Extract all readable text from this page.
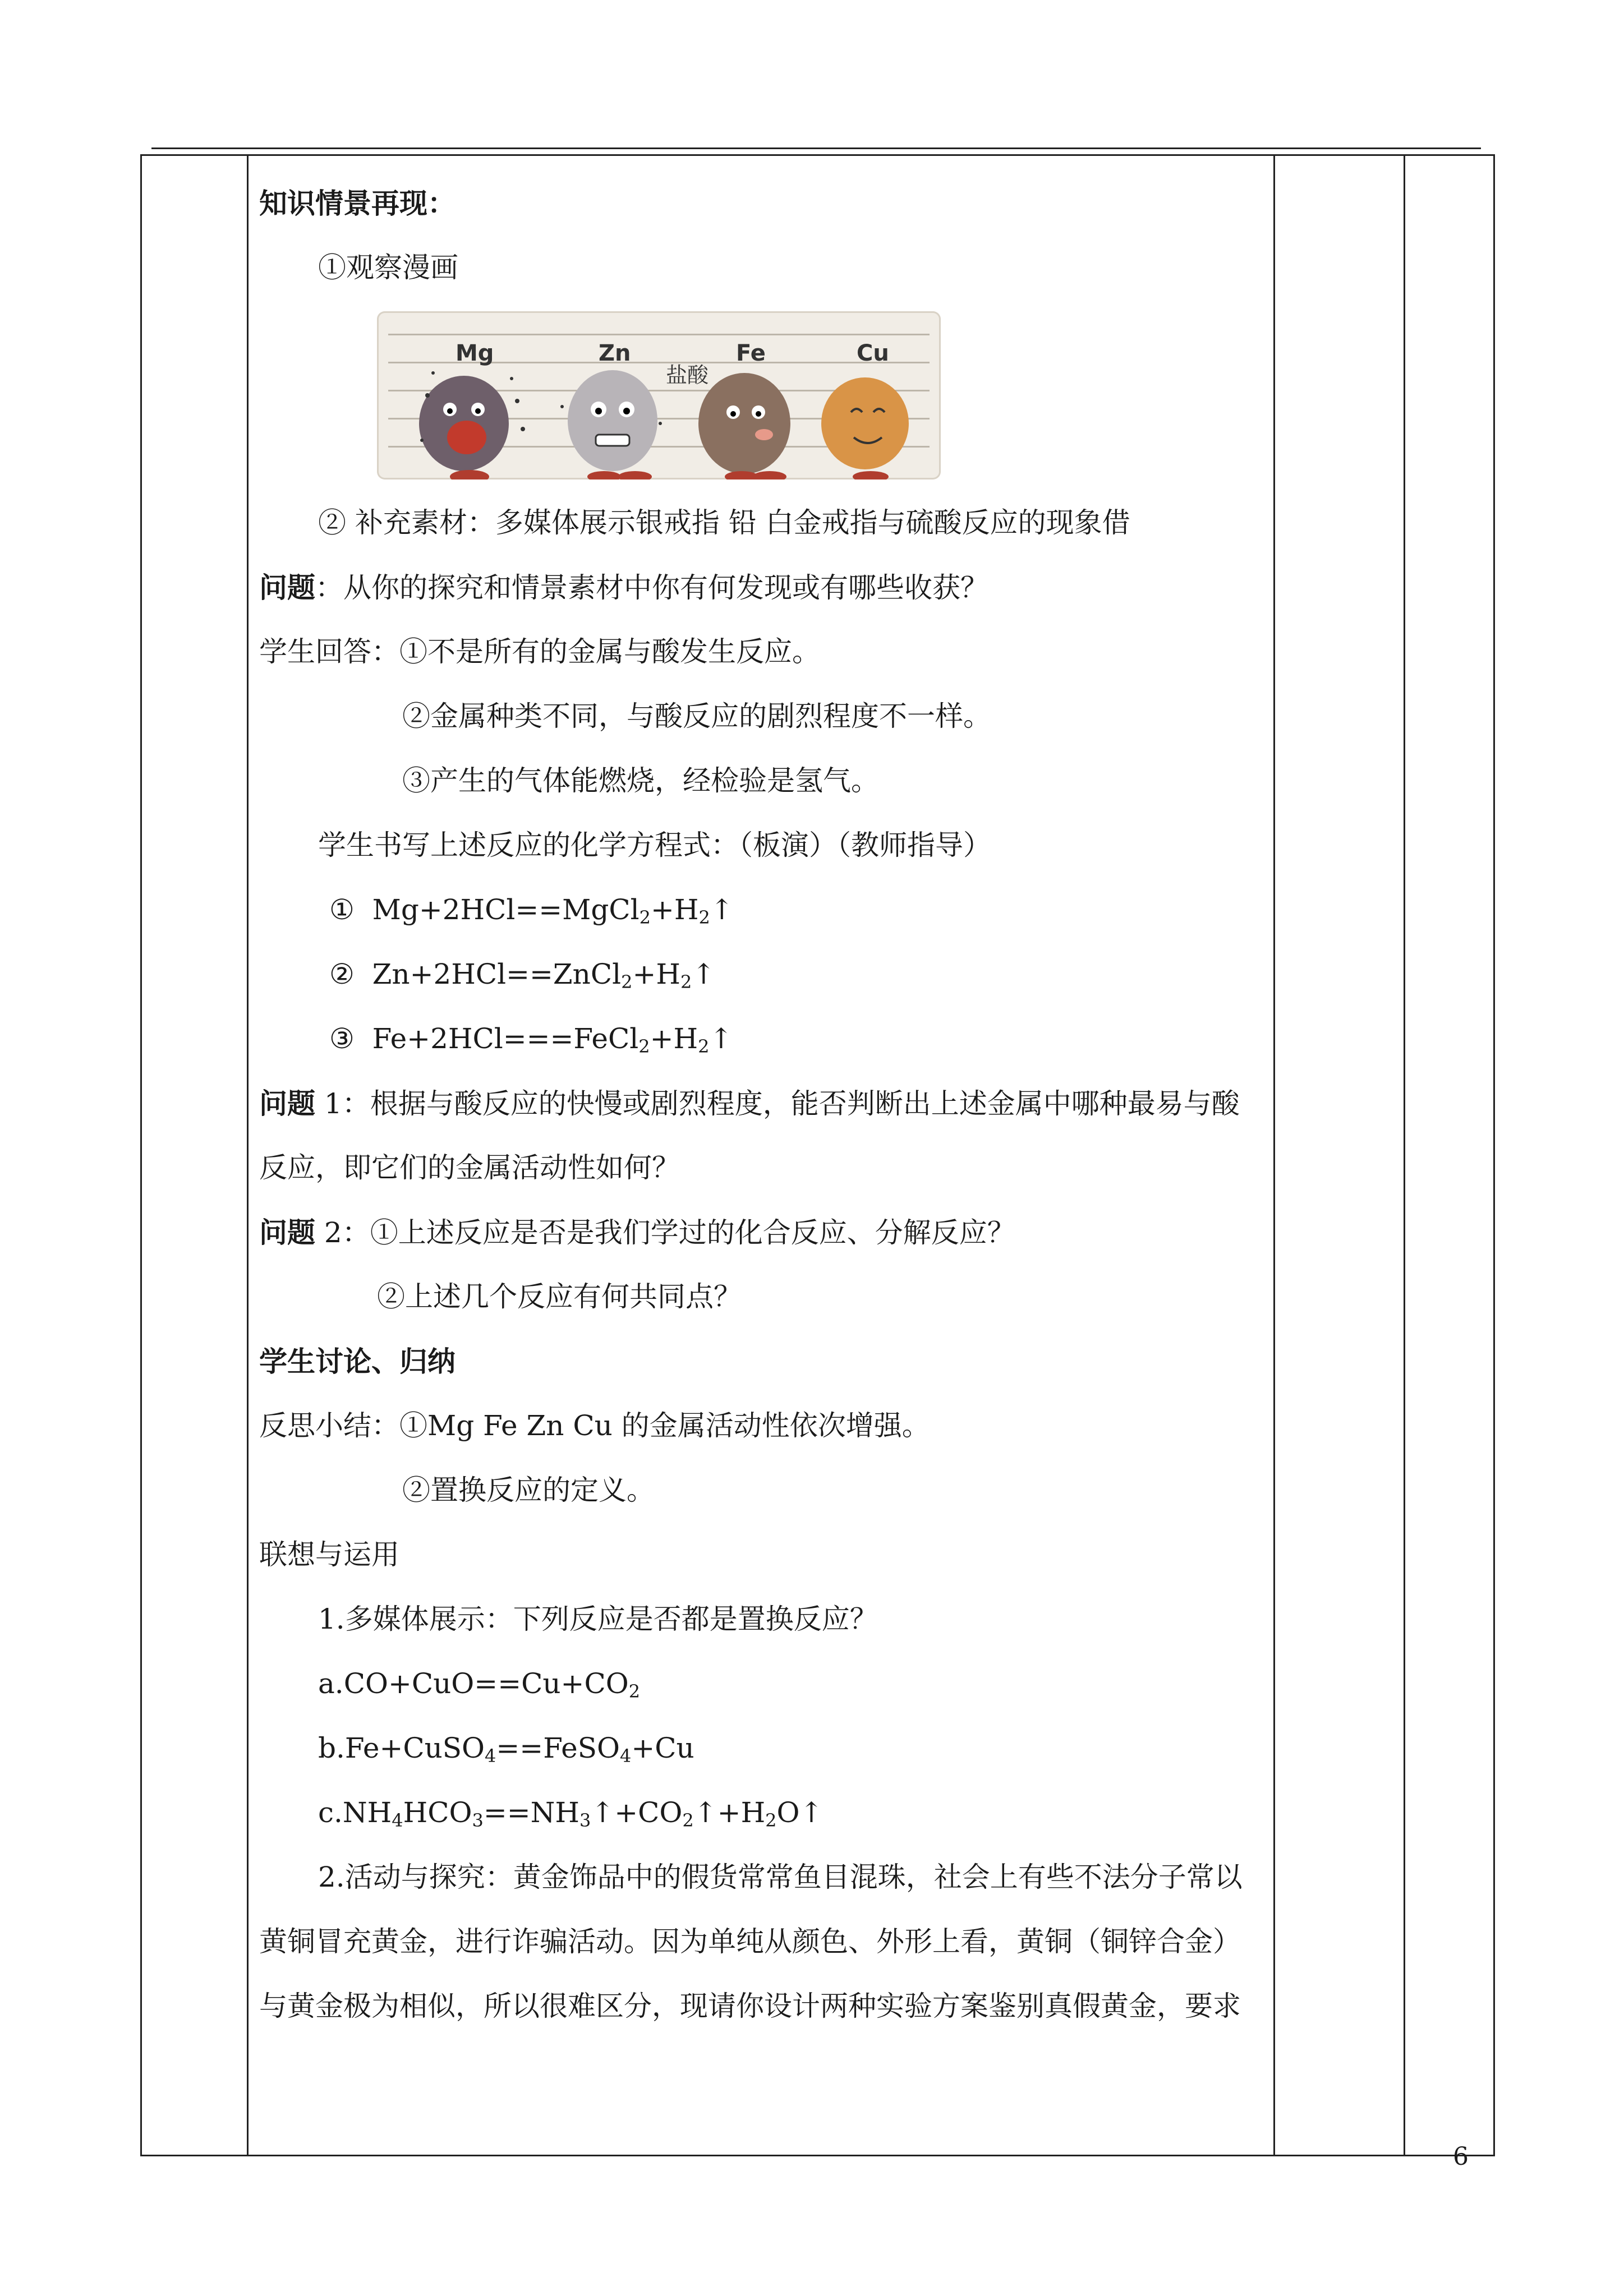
知识情景再现：
①观察漫画
Mg	Zn	Fe	Cu
盐酸
② 补充素材：多媒体展示银戒指 铅 白金戒指与硫酸反应的现象借
问题：从你的探究和情景素材中你有何发现或有哪些收获？
学生回答：①不是所有的金属与酸发生反应。
②金属种类不同，与酸反应的剧烈程度不一样。
③产生的气体能燃烧，经检验是氢气。
学生书写上述反应的化学方程式：（板演）（教师指导）
① $Mg+2HCl==MgCl_2+H_2↑$
② $Zn+2HCl==ZnCl_2+H_2↑$
③ $Fe+2HCl===FeCl_2+H_2↑$
问题 1：根据与酸反应的快慢或剧烈程度，能否判断出上述金属中哪种最易与酸
反应，即它们的金属活动性如何？
问题 2：①上述反应是否是我们学过的化合反应、分解反应？
②上述几个反应有何共同点？
学生讨论、归纳
反思小结：①Mg Fe Zn Cu 的金属活动性依次增强。
②置换反应的定义。
联想与运用
1.多媒体展示：下列反应是否都是置换反应？
$a.CO+CuO==Cu+CO_2$
b.Fe+CuSO$_4$==FeSO$_4$+Cu
$c.NH_4HCO_3==NH_3↑+CO_2↑+H_2O↑$
2.活动与探究：黄金饰品中的假货常常鱼目混珠，社会上有些不法分子常以
黄铜冒充黄金，进行诈骗活动。因为单纯从颜色、外形上看，黄铜（铜锌合金）
与黄金极为相似，所以很难区分，现请你设计两种实验方案鉴别真假黄金，要求
6
